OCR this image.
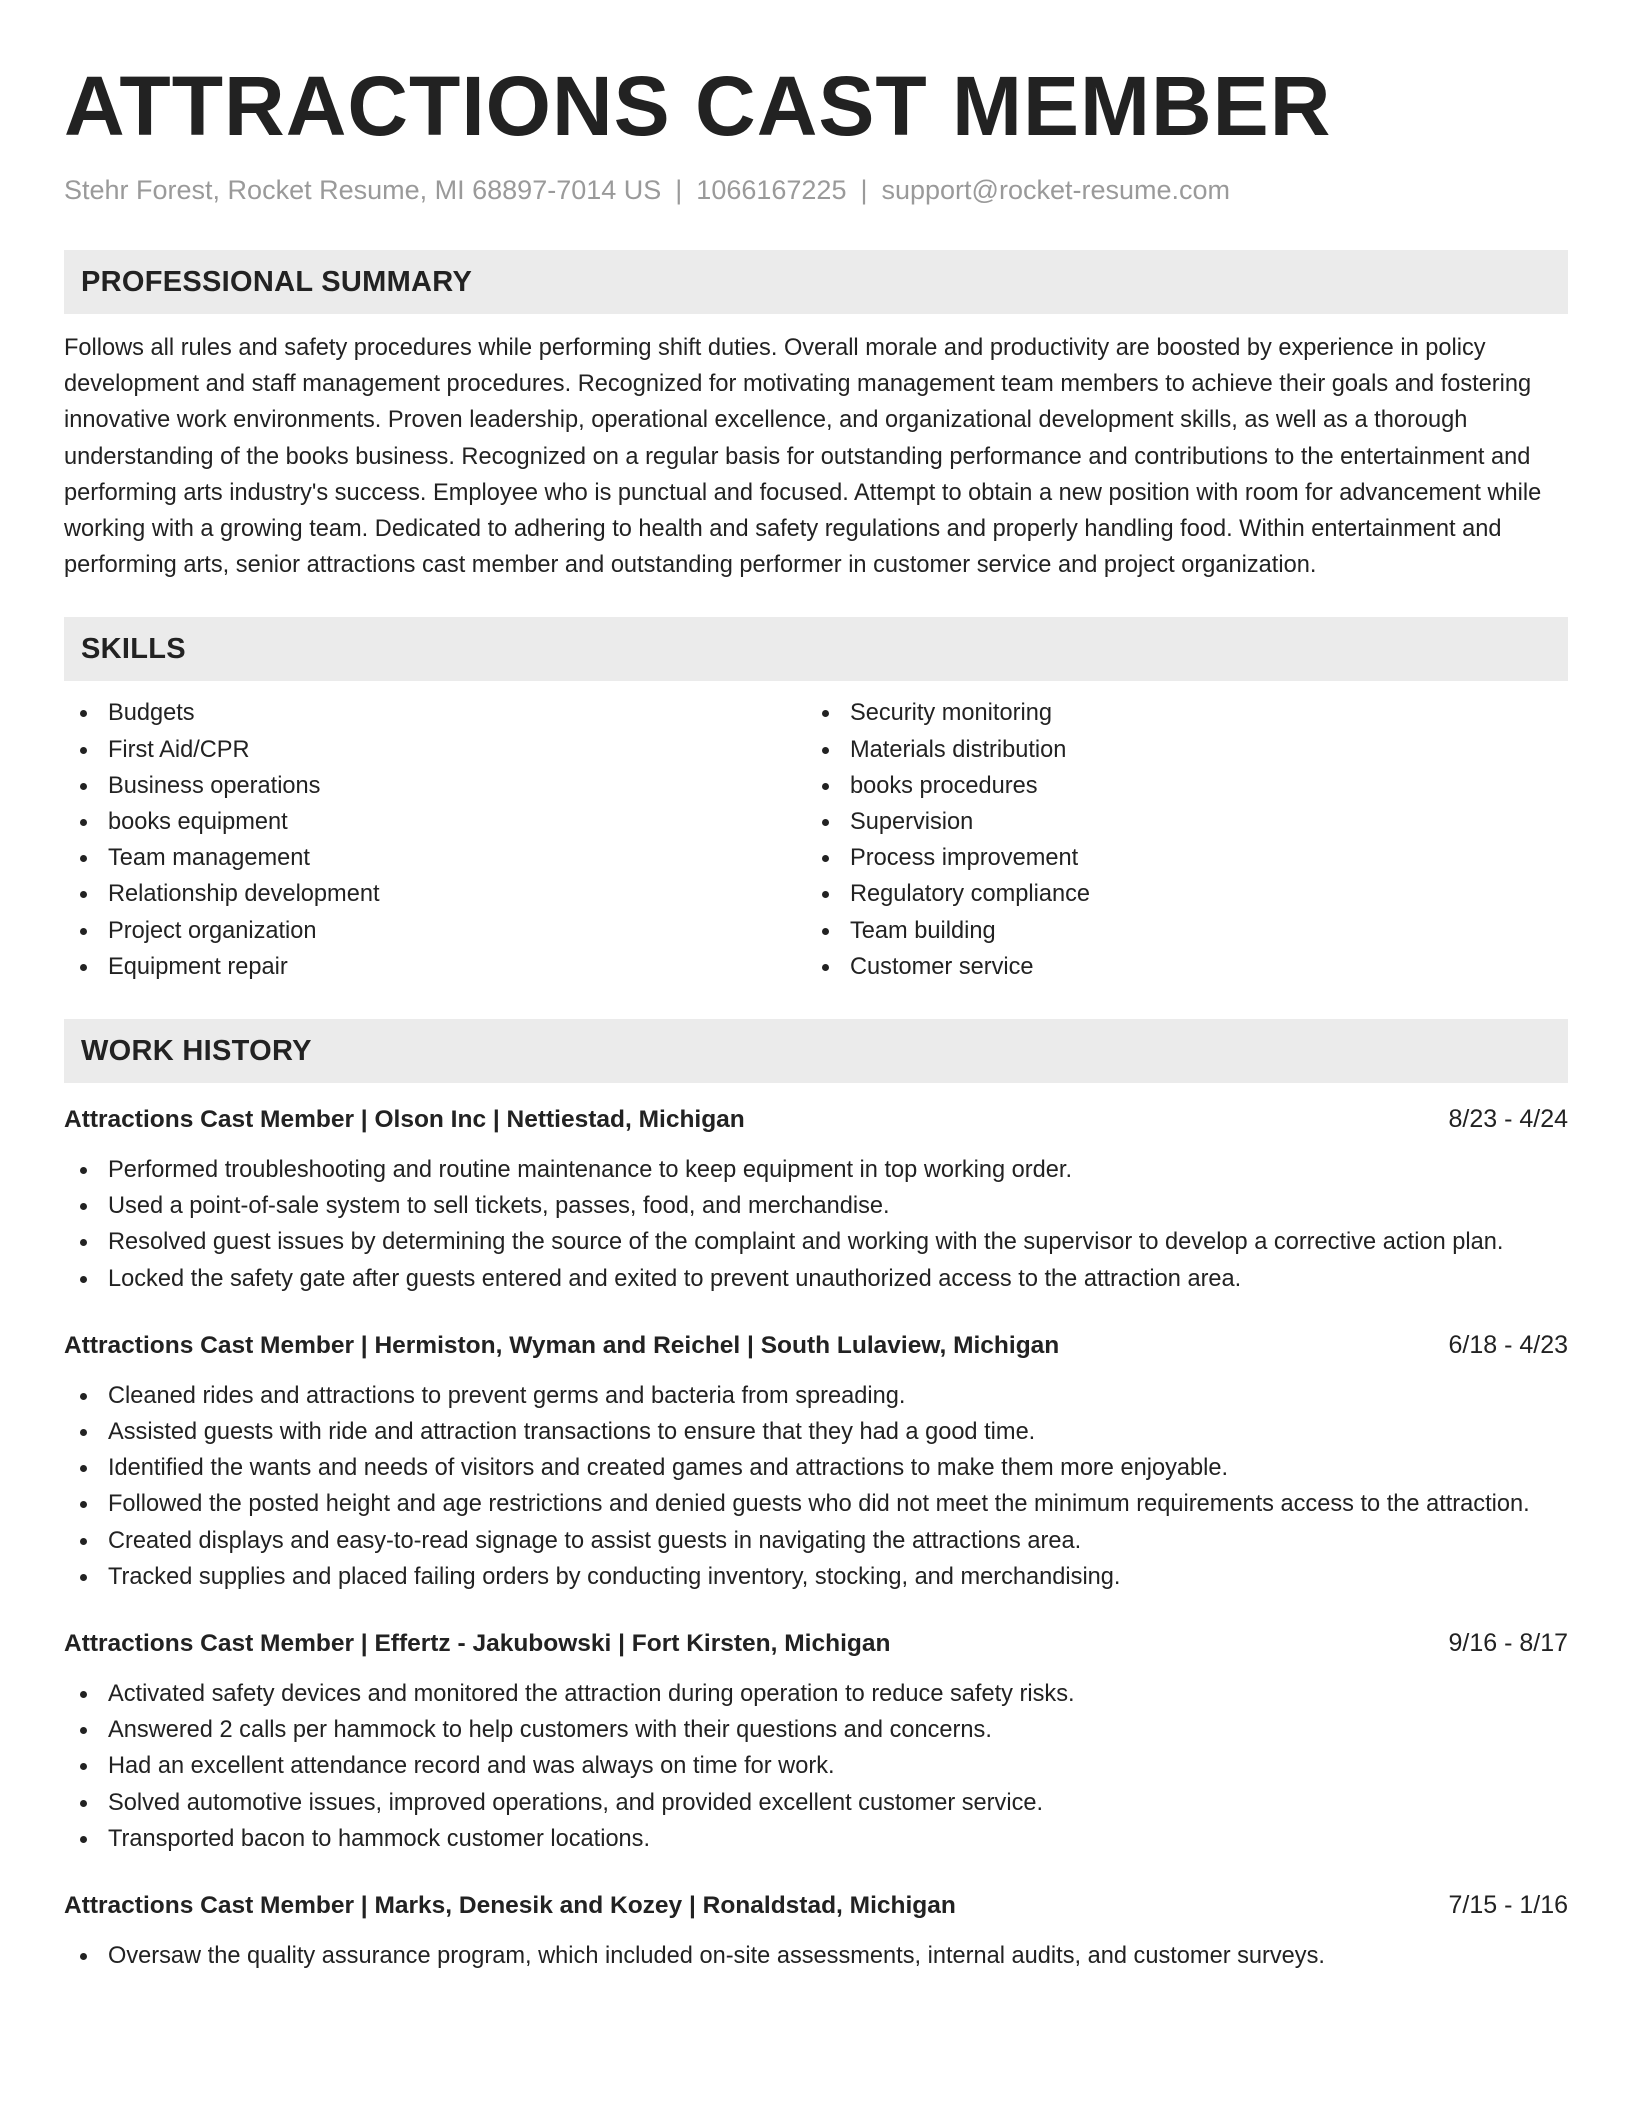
ATTRACTIONS CAST MEMBER
Stehr Forest, Rocket Resume, MI 68897-7014 US | 1066167225 | support@rocket-resume.com
PROFESSIONAL SUMMARY

Follows all rules and safety procedures while performing shift duties. Overall morale and productivity are boosted by experience in policy development and staff management procedures. Recognized for motivating management team members to achieve their goals and fostering innovative work environments. Proven leadership, operational excellence, and organizational development skills, as well as a thorough understanding of the books business. Recognized on a regular basis for outstanding performance and contributions to the entertainment and performing arts industry's success. Employee who is punctual and focused. Attempt to obtain a new position with room for advancement while working with a growing team. Dedicated to adhering to health and safety regulations and properly handling food. Within entertainment and performing arts, senior attractions cast member and outstanding performer in customer service and project organization.

SKILLS
Budgets
First Aid/CPR
Business operations
books equipment
Team management
Relationship development
Project organization
Equipment repair
Security monitoring
Materials distribution
books procedures
Supervision
Process improvement
Regulatory compliance
Team building
Customer service
WORK HISTORY
Attractions Cast Member | Olson Inc | Nettiestad, Michigan	8/23 - 4/24
Performed troubleshooting and routine maintenance to keep equipment in top working order.
Used a point-of-sale system to sell tickets, passes, food, and merchandise.
Resolved guest issues by determining the source of the complaint and working with the supervisor to develop a corrective action plan.
Locked the safety gate after guests entered and exited to prevent unauthorized access to the attraction area.
Attractions Cast Member | Hermiston, Wyman and Reichel | South Lulaview, Michigan	6/18 - 4/23
Cleaned rides and attractions to prevent germs and bacteria from spreading.
Assisted guests with ride and attraction transactions to ensure that they had a good time.
Identified the wants and needs of visitors and created games and attractions to make them more enjoyable.
Followed the posted height and age restrictions and denied guests who did not meet the minimum requirements access to the attraction.
Created displays and easy-to-read signage to assist guests in navigating the attractions area.
Tracked supplies and placed failing orders by conducting inventory, stocking, and merchandising.
Attractions Cast Member | Effertz - Jakubowski | Fort Kirsten, Michigan	9/16 - 8/17
Activated safety devices and monitored the attraction during operation to reduce safety risks.
Answered 2 calls per hammock to help customers with their questions and concerns.
Had an excellent attendance record and was always on time for work.
Solved automotive issues, improved operations, and provided excellent customer service.
Transported bacon to hammock customer locations.
Attractions Cast Member | Marks, Denesik and Kozey | Ronaldstad, Michigan	7/15 - 1/16
Oversaw the quality assurance program, which included on-site assessments, internal audits, and customer surveys.
